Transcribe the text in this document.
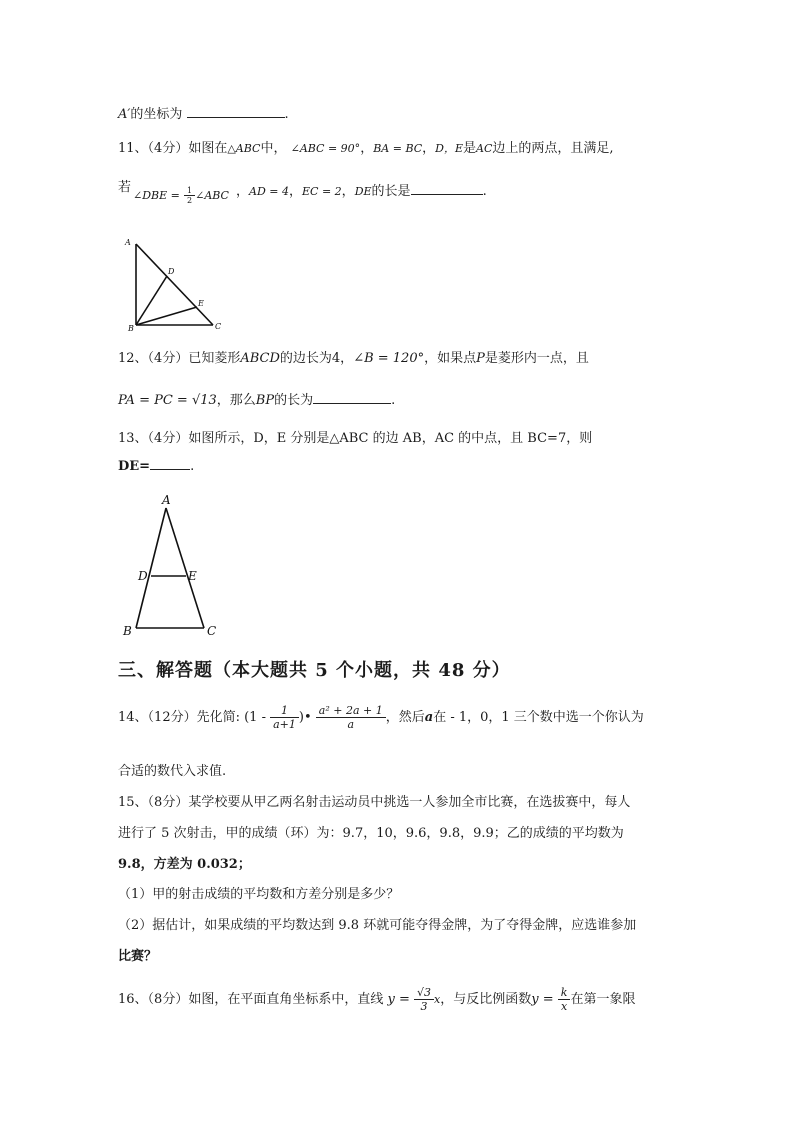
A′的坐标为	.
11、（4分）如图在△ABC中， ∠ABC = 90°，BA = BC，D，E是AC边上的两点，且满足,
若
∠DBE = $\frac{1}{2}$ ∠ABC ，AD = 4，EC = 2，DE的长是	.
A
D
E
B	C
12、（4分）已知菱形ABCD的边长为4，∠B = 120°，如果点P是菱形内一点，且
PA = PC = √13，那么BP的长为	.
13、（4分）如图所示，D，E 分别是△ABC 的边 AB，AC 的中点，且 BC=7，则
DE=	.
A
D	E
B	C
三、解答题（本大题共 5 个小题，共 48 分）
14、（12分）先化简: ($1 - \frac{1}{a+1}$ )• $\frac{\text{a² + 2a + 1}}{a}$ ，然后a在 - 1，0，1 三个数中选一个你认为
合适的数代入求值.
15、（8分）某学校要从甲乙两名射击运动员中挑选一人参加全市比赛，在选拔赛中，每人
进行了 5 次射击，甲的成绩（环）为：9.7，10，9.6，9.8，9.9；乙的成绩的平均数为
9.8，方差为 0.032；
（1）甲的射击成绩的平均数和方差分别是多少？
（2）据估计，如果成绩的平均数达到 9.8 环就可能夺得金牌，为了夺得金牌，应选谁参加
比赛？
16、（8分）如图，在平面直角坐标系中，直线 $y = \frac{√3}{3}$ x，与反比例函数$y = \frac{k}{x}$ 在第一象限
